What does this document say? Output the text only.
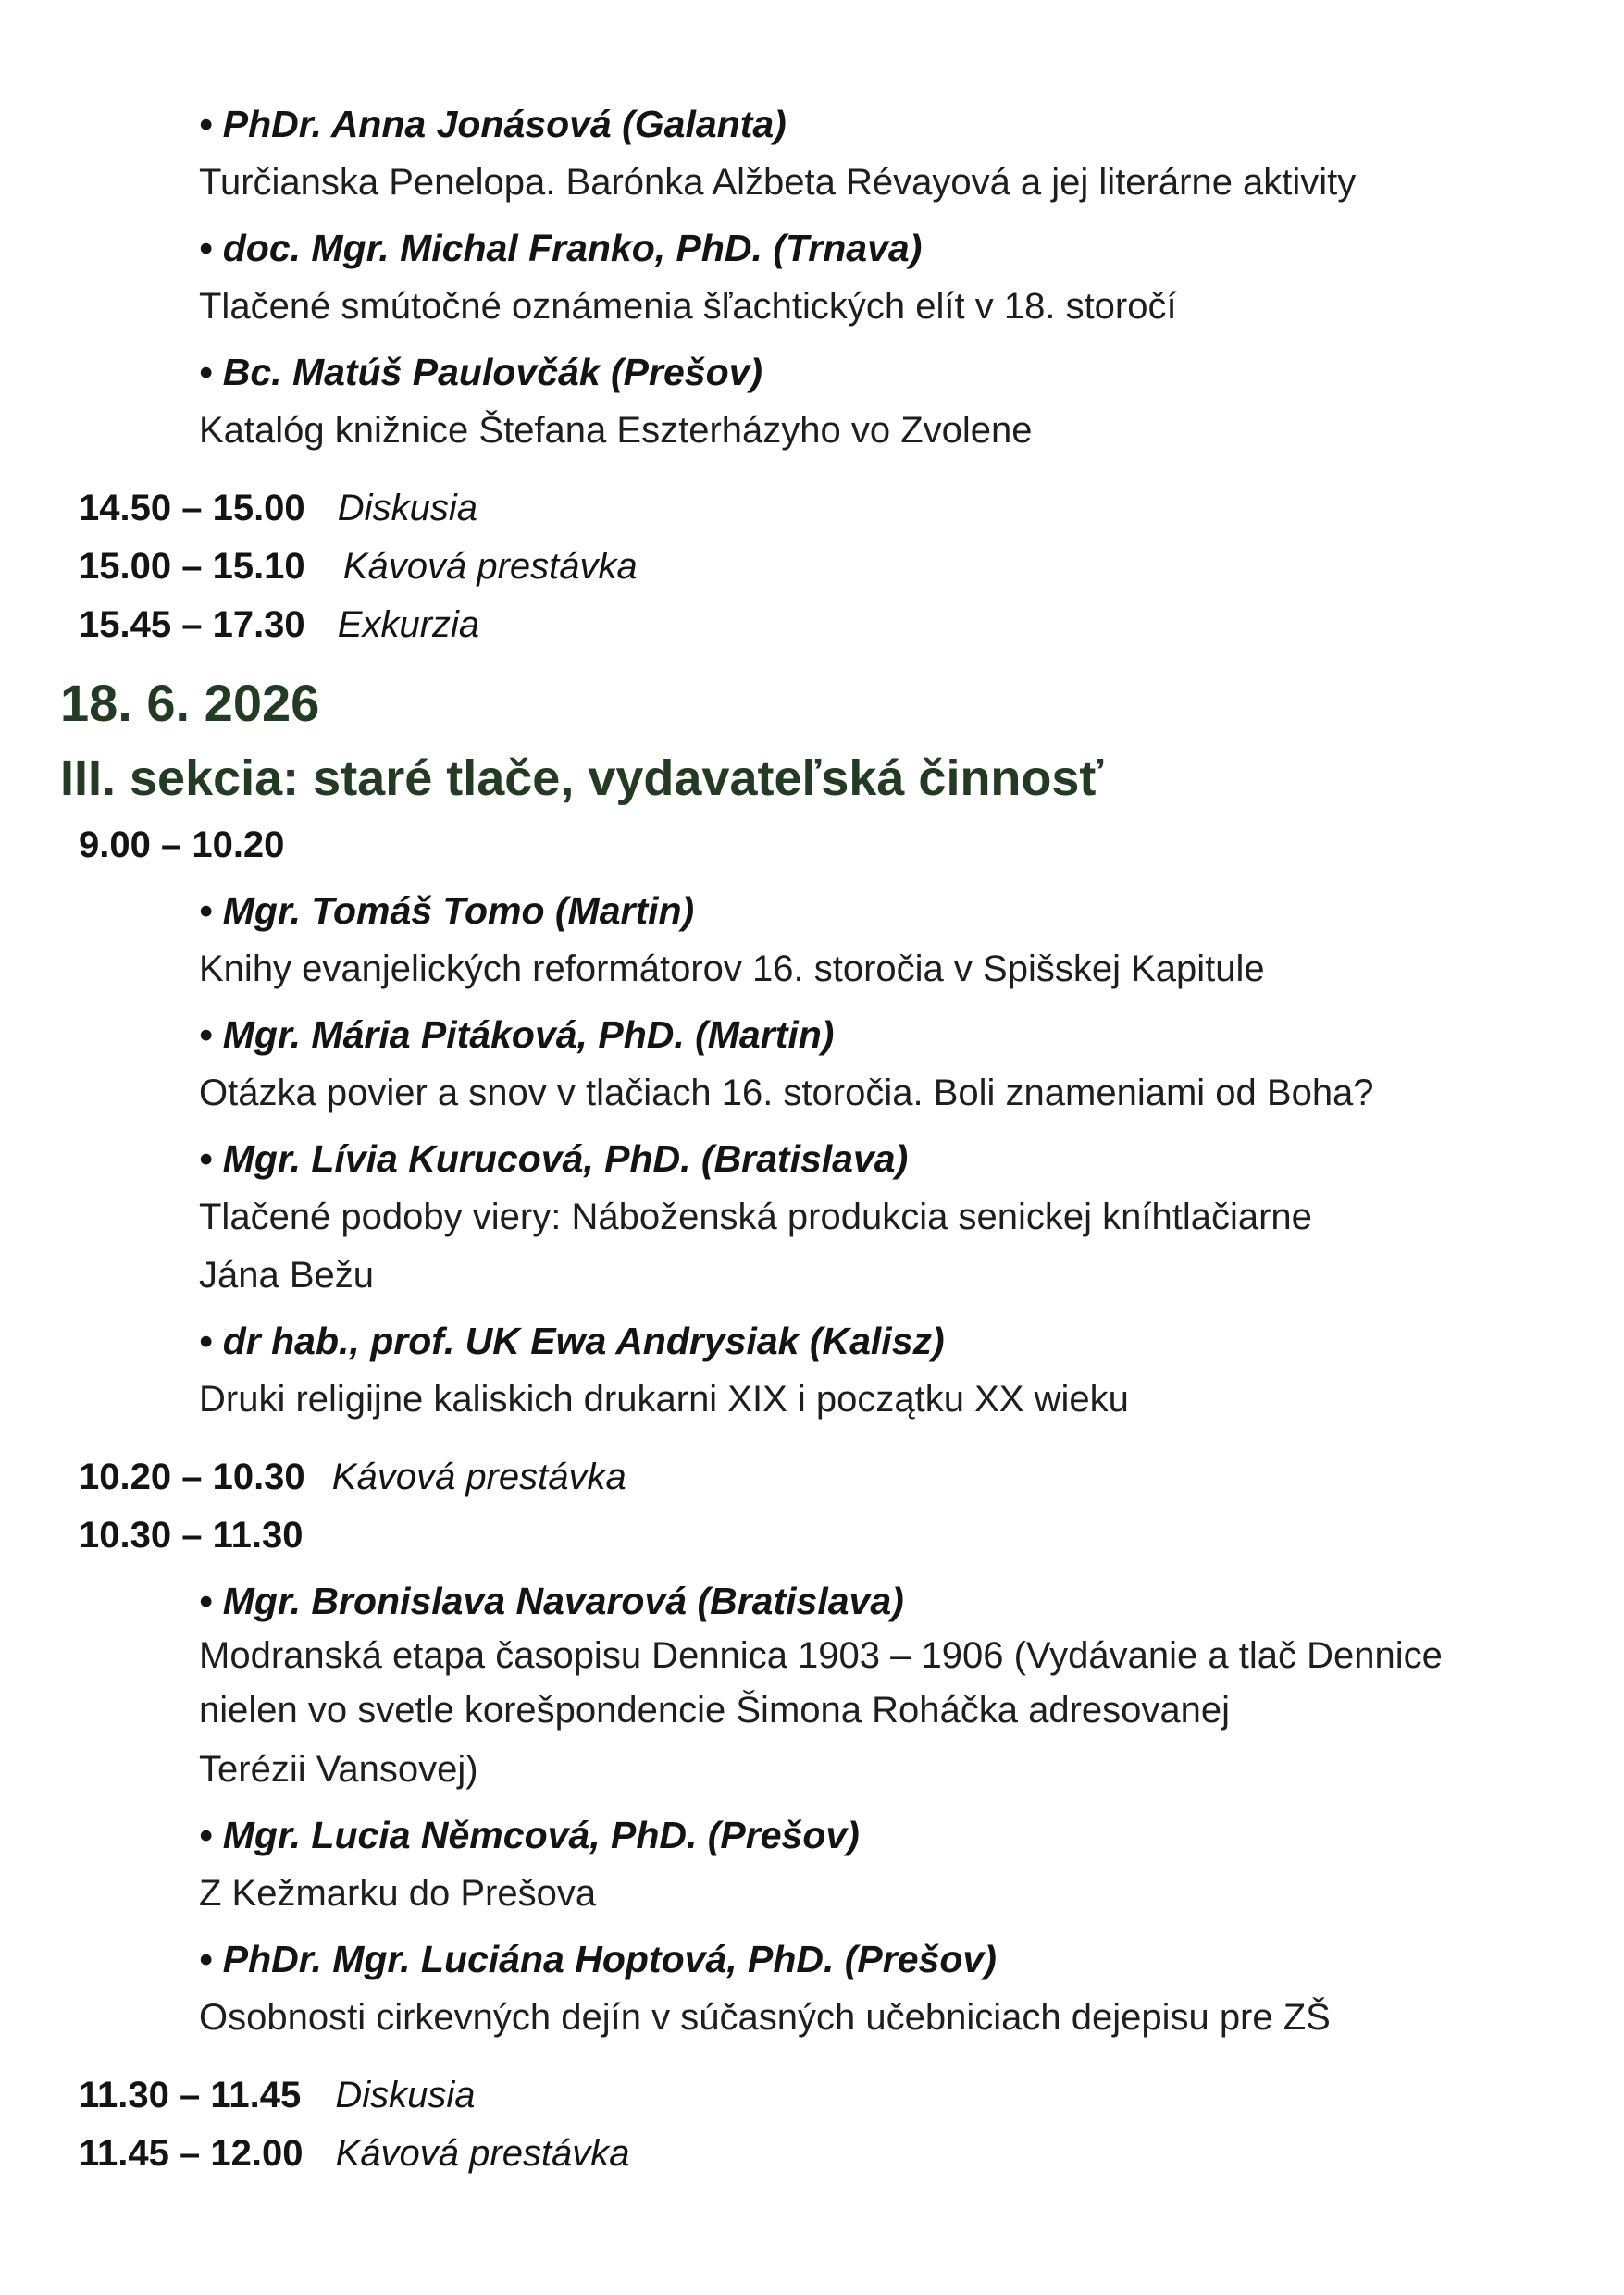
• PhDr. Anna Jonásová (Galanta)
Turčianska Penelopa. Barónka Alžbeta Révayová a jej literárne aktivity
• doc. Mgr. Michal Franko, PhD. (Trnava)
Tlačené smútočné oznámenia šľachtických elít v 18. storočí
• Bc. Matúš Paulovčák (Prešov)
Katalóg knižnice Štefana Eszterházyho vo Zvolene
14.50 – 15.00 Diskusia
15.00 – 15.10 Kávová prestávka
15.45 – 17.30 Exkurzia
18. 6. 2026
III. sekcia: staré tlače, vydavateľská činnosť
9.00 – 10.20
• Mgr. Tomáš Tomo (Martin)
Knihy evanjelických reformátorov 16. storočia v Spišskej Kapitule
• Mgr. Mária Pitáková, PhD. (Martin)
Otázka povier a snov v tlačiach 16. storočia. Boli znameniami od Boha?
• Mgr. Lívia Kurucová, PhD. (Bratislava)
Tlačené podoby viery: Náboženská produkcia senickej kníhtlačiarne
Jána Bežu
• dr hab., prof. UK Ewa Andrysiak (Kalisz)
Druki religijne kaliskich drukarni XIX i początku XX wieku
10.20 – 10.30 Kávová prestávka
10.30 – 11.30
• Mgr. Bronislava Navarová (Bratislava)
Modranská etapa časopisu Dennica 1903 – 1906 (Vydávanie a tlač Dennice
nielen vo svetle korešpondencie Šimona Roháčka adresovanej
Terézii Vansovej)
• Mgr. Lucia Němcová, PhD. (Prešov)
Z Kežmarku do Prešova
• PhDr. Mgr. Luciána Hoptová, PhD. (Prešov)
Osobnosti cirkevných dejín v súčasných učebniciach dejepisu pre ZŠ
11.30 – 11.45 Diskusia
11.45 – 12.00 Kávová prestávka
